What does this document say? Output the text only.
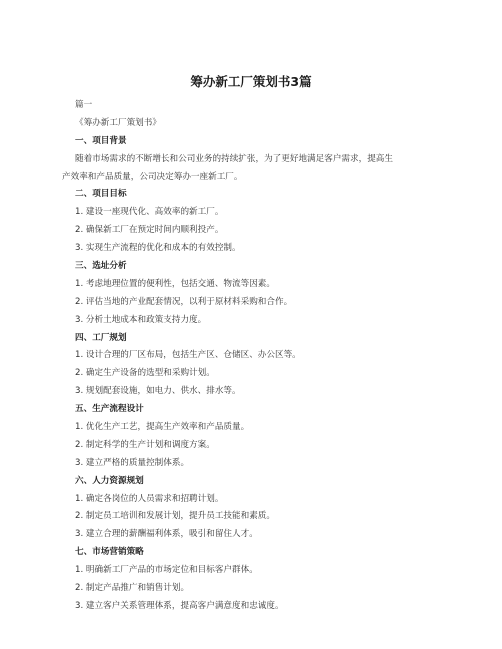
筹办新工厂策划书3篇
篇一
《筹办新工厂策划书》
一、项目背景
随着市场需求的不断增长和公司业务的持续扩张，为了更好地满足客户需求，提高生
产效率和产品质量，公司决定筹办一座新工厂。
二、项目目标
1. 建设一座现代化、高效率的新工厂。
2. 确保新工厂在预定时间内顺利投产。
3. 实现生产流程的优化和成本的有效控制。
三、选址分析
1. 考虑地理位置的便利性，包括交通、物流等因素。
2. 评估当地的产业配套情况，以利于原材料采购和合作。
3. 分析土地成本和政策支持力度。
四、工厂规划
1. 设计合理的厂区布局，包括生产区、仓储区、办公区等。
2. 确定生产设备的选型和采购计划。
3. 规划配套设施，如电力、供水、排水等。
五、生产流程设计
1. 优化生产工艺，提高生产效率和产品质量。
2. 制定科学的生产计划和调度方案。
3. 建立严格的质量控制体系。
六、人力资源规划
1. 确定各岗位的人员需求和招聘计划。
2. 制定员工培训和发展计划，提升员工技能和素质。
3. 建立合理的薪酬福利体系，吸引和留住人才。
七、市场营销策略
1. 明确新工厂产品的市场定位和目标客户群体。
2. 制定产品推广和销售计划。
3. 建立客户关系管理体系，提高客户满意度和忠诚度。
